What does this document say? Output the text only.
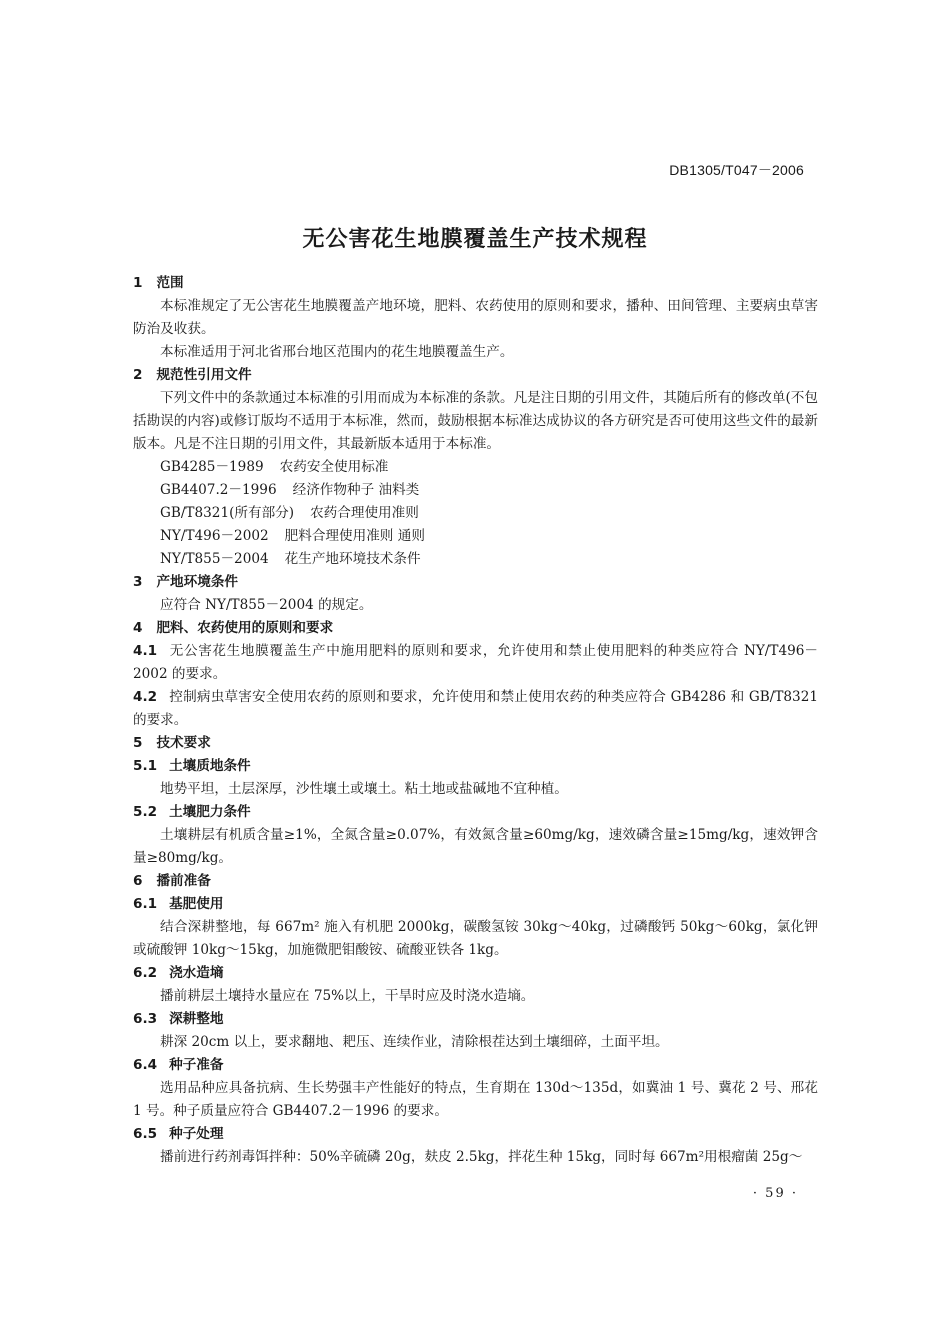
DB1305/T047－2006
无公害花生地膜覆盖生产技术规程
1 范围
本标准规定了无公害花生地膜覆盖产地环境，肥料、农药使用的原则和要求，播种、田间管理、主要病虫草害防治及收获。
本标准适用于河北省邢台地区范围内的花生地膜覆盖生产。
2 规范性引用文件
下列文件中的条款通过本标准的引用而成为本标准的条款。凡是注日期的引用文件，其随后所有的修改单(不包括勘误的内容)或修订版均不适用于本标准，然而，鼓励根据本标准达成协议的各方研究是否可使用这些文件的最新版本。凡是不注日期的引用文件，其最新版本适用于本标准。
GB4285－1989 农药安全使用标准
GB4407.2－1996 经济作物种子 油料类
GB/T8321(所有部分) 农药合理使用准则
NY/T496－2002 肥料合理使用准则 通则
NY/T855－2004 花生产地环境技术条件
3 产地环境条件
应符合 NY/T855－2004 的规定。
4 肥料、农药使用的原则和要求
4.1 无公害花生地膜覆盖生产中施用肥料的原则和要求，允许使用和禁止使用肥料的种类应符合 NY/T496－2002 的要求。
4.2 控制病虫草害安全使用农药的原则和要求，允许使用和禁止使用农药的种类应符合 GB4286 和 GB/T8321 的要求。
5 技术要求
5.1 土壤质地条件
地势平坦，土层深厚，沙性壤土或壤土。粘土地或盐碱地不宜种植。
5.2 土壤肥力条件
土壤耕层有机质含量≥1%，全氮含量≥0.07%，有效氮含量≥60mg/kg，速效磷含量≥15mg/kg，速效钾含量≥80mg/kg。
6 播前准备
6.1 基肥使用
结合深耕整地，每 667m² 施入有机肥 2000kg，碳酸氢铵 30kg～40kg，过磷酸钙 50kg～60kg，氯化钾或硫酸钾 10kg～15kg，加施微肥钼酸铵、硫酸亚铁各 1kg。
6.2 浇水造墒
播前耕层土壤持水量应在 75%以上，干旱时应及时浇水造墒。
6.3 深耕整地
耕深 20cm 以上，要求翻地、耙压、连续作业，清除根茬达到土壤细碎，土面平坦。
6.4 种子准备
选用品种应具备抗病、生长势强丰产性能好的特点，生育期在 130d～135d，如冀油 1 号、冀花 2 号、邢花 1 号。种子质量应符合 GB4407.2－1996 的要求。
6.5 种子处理
播前进行药剂毒饵拌种：50%辛硫磷 20g，麸皮 2.5kg，拌花生种 15kg，同时每 667m²用根瘤菌 25g～
· 59 ·
